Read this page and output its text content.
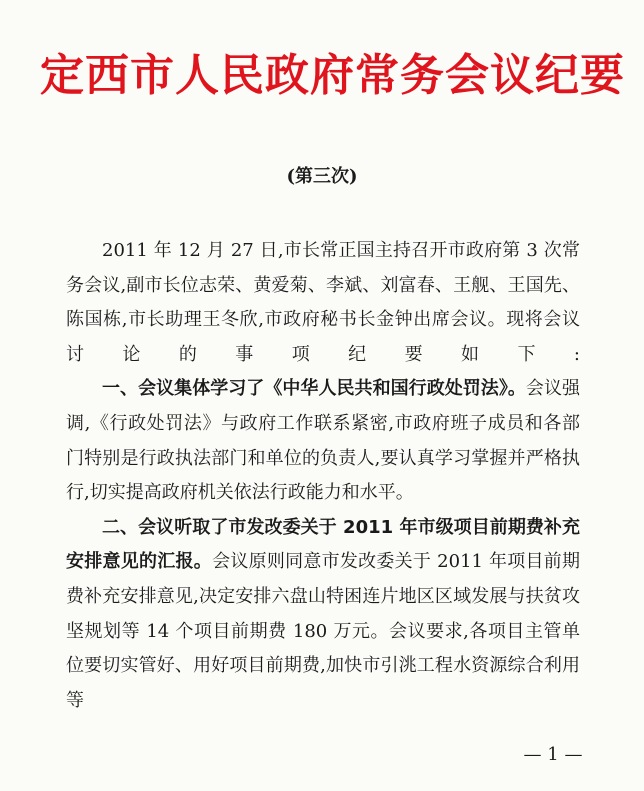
定西市人民政府常务会议纪要
(第三次)

2011 年 12 月 27 日,市长常正国主持召开市政府第 3 次常务会议,副市长位志荣、黄爱菊、李斌、刘富春、王舰、王国先、陈国栋,市长助理王冬欣,市政府秘书长金钟出席会议。现将会议讨论的事项纪要如下:

一、会议集体学习了《中华人民共和国行政处罚法》。会议强调,《行政处罚法》与政府工作联系紧密,市政府班子成员和各部门特别是行政执法部门和单位的负责人,要认真学习掌握并严格执行,切实提高政府机关依法行政能力和水平。

二、会议听取了市发改委关于 2011 年市级项目前期费补充安排意见的汇报。会议原则同意市发改委关于 2011 年项目前期费补充安排意见,决定安排六盘山特困连片地区区域发展与扶贫攻坚规划等 14 个项目前期费 180 万元。会议要求,各项目主管单位要切实管好、用好项目前期费,加快市引洮工程水资源综合利用等

— 1 —
